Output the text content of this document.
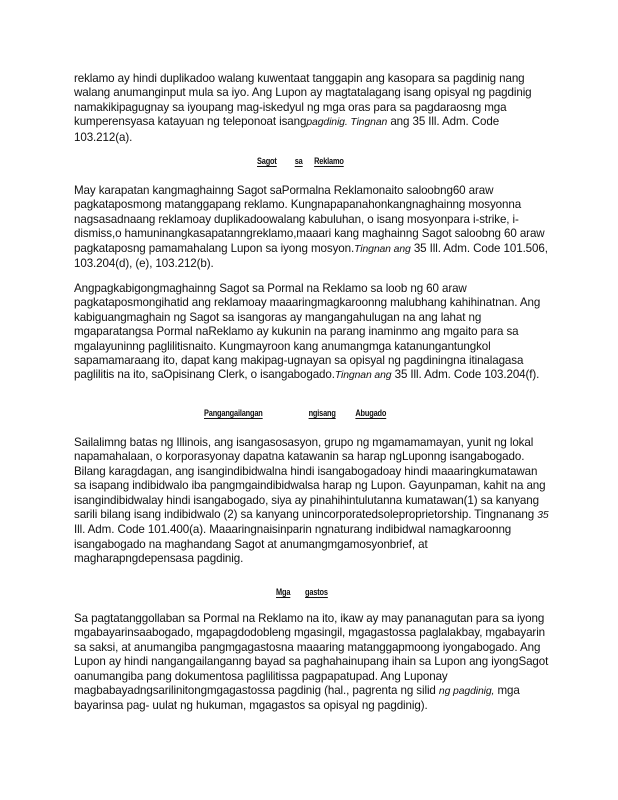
reklamo ay hindi duplikadoo walang kuwentaat tanggapin ang kasopara sa pagdinig nang walang anumanginput mula sa iyo. Ang Lupon ay magtatalagang isang opisyal ng pagdinig namakikipagugnay sa iyoupang mag-iskedyul ng mga oras para sa pagdaraosng mga kumperensyasa katayuan ng teleponoat isangpagdinig. Tingnan ang 35 Ill. Adm. Code 103.212(a).

Sagot sa Reklamo

May karapatan kangmaghainng Sagot saPormalna Reklamonaito saloobng60 araw pagkataposmong matanggapang reklamo. Kungnapapanahonkangnaghainng mosyonna nagsasadnaang reklamoay duplikadoowalang kabuluhan, o isang mosyonpara i-strike, i-dismiss,o hamuninangkasapatanngreklamo,maaari kang maghainng Sagot saloobng 60 araw pagkataposng pamamahalang Lupon sa iyong mosyon.Tingnan ang 35 Ill. Adm. Code 101.506, 103.204(d), (e), 103.212(b).

Angpagkabigongmaghainng Sagot sa Pormal na Reklamo sa loob ng 60 araw pagkataposmongihatid ang reklamoay maaaringmagkaroonng malubhang kahihinatnan. Ang kabiguangmaghain ng Sagot sa isangoras ay mangangahulugan na ang lahat ng mgaparatangsa Pormal naReklamo ay kukunin na parang inaminmo ang mgaito para sa mgalayuninng paglilitisnaito. Kungmayroon kang anumangmga katanungantungkol sapamamaraang ito, dapat kang makipag-ugnayan sa opisyal ng pagdiningna itinalagasa paglilitis na ito, saOpisinang Clerk, o isangabogado.Tingnan ang 35 Ill. Adm. Code 103.204(f).

Pangangailangan	ngisang Abugado

Sailalimng batas ng Illinois, ang isangasosasyon, grupo ng mgamamamayan, yunit ng lokal napamahalaan, o korporasyonay dapatna katawanin sa harap ngLuponng isangabogado. Bilang karagdagan, ang isangindibidwalna hindi isangabogadoay hindi maaaringkumatawan sa isapang indibidwalo iba pangmgaindibidwalsa harap ng Lupon. Gayunpaman, kahit na ang isangindibidwalay hindi isangabogado, siya ay pinahihintulutanna kumatawan(1) sa kanyang sarili bilang isang indibidwalo (2) sa kanyang unincorporatedsoleproprietorship. Tingnanang 35 Ill. Adm. Code 101.400(a). Maaaringnaisinparin ngnaturang indibidwal namagkaroonng isangabogado na maghandang Sagot at anumangmgamosyonbrief, at magharapngdepensasa pagdinig.

Mga gastos

Sa pagtatanggollaban sa Pormal na Reklamo na ito, ikaw ay may pananagutan para sa iyong mgabayarinsaabogado, mgapagdodobleng mgasingil, mgagastossa paglalakbay, mgabayarin sa saksi, at anumangiba pangmgagastosna maaaring matanggapmoong iyongabogado. Ang Lupon ay hindi nangangailanganng bayad sa paghahainupang ihain sa Lupon ang iyongSagot oanumangiba pang dokumentosa paglilitissa pagpapatupad. Ang Luponay magbabayadngsarilinitongmgagastossa pagdinig (hal., pagrenta ng silid ng pagdinig, mga bayarinsa pag- uulat ng hukuman, mgagastos sa opisyal ng pagdinig).
